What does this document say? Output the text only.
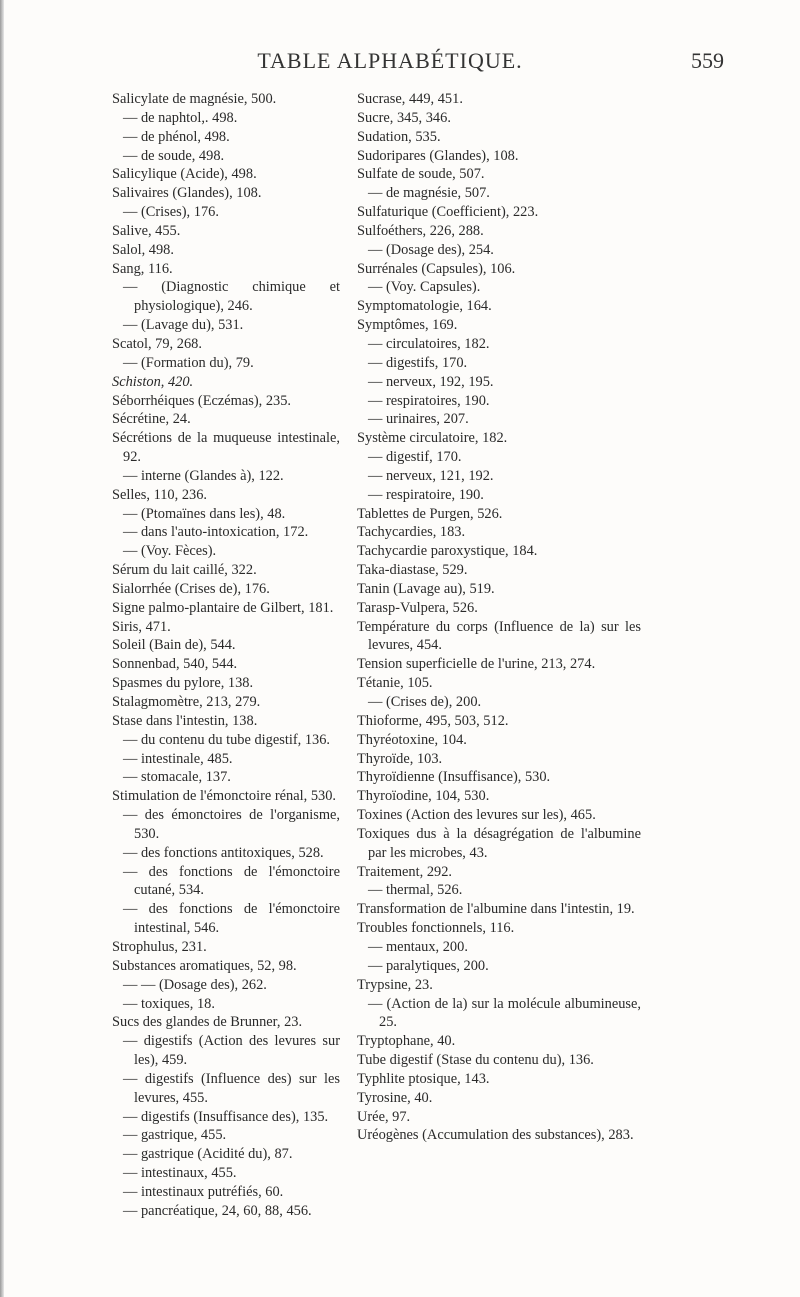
TABLE ALPHABÉTIQUE.	559
Salicylate de magnésie, 500.
— de naphtol,. 498.
— de phénol, 498.
— de soude, 498.
Salicylique (Acide), 498.
Salivaires (Glandes), 108.
— (Crises), 176.
Salive, 455.
Salol, 498.
Sang, 116.
— (Diagnostic chimique et physiologique), 246.
— (Lavage du), 531.
Scatol, 79, 268.
— (Formation du), 79.
Schiston, 420.
Séborrhéiques (Eczémas), 235.
Sécrétine, 24.
Sécrétions de la muqueuse intestinale, 92.
— interne (Glandes à), 122.
Selles, 110, 236.
— (Ptomaïnes dans les), 48.
— dans l'auto-intoxication, 172.
— (Voy. Fèces).
Sérum du lait caillé, 322.
Sialorrhée (Crises de), 176.
Signe palmo-plantaire de Gilbert, 181.
Siris, 471.
Soleil (Bain de), 544.
Sonnenbad, 540, 544.
Spasmes du pylore, 138.
Stalagmomètre, 213, 279.
Stase dans l'intestin, 138.
— du contenu du tube digestif, 136.
— intestinale, 485.
— stomacale, 137.
Stimulation de l'émonctoire rénal, 530.
— des émonctoires de l'organisme, 530.
— des fonctions antitoxiques, 528.
— des fonctions de l'émonctoire cutané, 534.
— des fonctions de l'émonctoire intestinal, 546.
Strophulus, 231.
Substances aromatiques, 52, 98.
— — (Dosage des), 262.
— toxiques, 18.
Sucs des glandes de Brunner, 23.
— digestifs (Action des levures sur les), 459.
— digestifs (Influence des) sur les levures, 455.
— digestifs (Insuffisance des), 135.
— gastrique, 455.
— gastrique (Acidité du), 87.
— intestinaux, 455.
— intestinaux putréfiés, 60.
— pancréatique, 24, 60, 88, 456.
Sucrase, 449, 451.
Sucre, 345, 346.
Sudation, 535.
Sudoripares (Glandes), 108.
Sulfate de soude, 507.
— de magnésie, 507.
Sulfaturique (Coefficient), 223.
Sulfoéthers, 226, 288.
— (Dosage des), 254.
Surrénales (Capsules), 106.
— (Voy. Capsules).
Symptomatologie, 164.
Symptômes, 169.
— circulatoires, 182.
— digestifs, 170.
— nerveux, 192, 195.
— respiratoires, 190.
— urinaires, 207.
Système circulatoire, 182.
— digestif, 170.
— nerveux, 121, 192.
— respiratoire, 190.
Tablettes de Purgen, 526.
Tachycardies, 183.
Tachycardie paroxystique, 184.
Taka-diastase, 529.
Tanin (Lavage au), 519.
Tarasp-Vulpera, 526.
Température du corps (Influence de la) sur les levures, 454.
Tension superficielle de l'urine, 213, 274.
Tétanie, 105.
— (Crises de), 200.
Thioforme, 495, 503, 512.
Thyréotoxine, 104.
Thyroïde, 103.
Thyroïdienne (Insuffisance), 530.
Thyroïodine, 104, 530.
Toxines (Action des levures sur les), 465.
Toxiques dus à la désagrégation de l'albumine par les microbes, 43.
Traitement, 292.
— thermal, 526.
Transformation de l'albumine dans l'intestin, 19.
Troubles fonctionnels, 116.
— mentaux, 200.
— paralytiques, 200.
Trypsine, 23.
— (Action de la) sur la molécule albumineuse, 25.
Tryptophane, 40.
Tube digestif (Stase du contenu du), 136.
Typhlite ptosique, 143.
Tyrosine, 40.
Urée, 97.
Uréogènes (Accumulation des substances), 283.
